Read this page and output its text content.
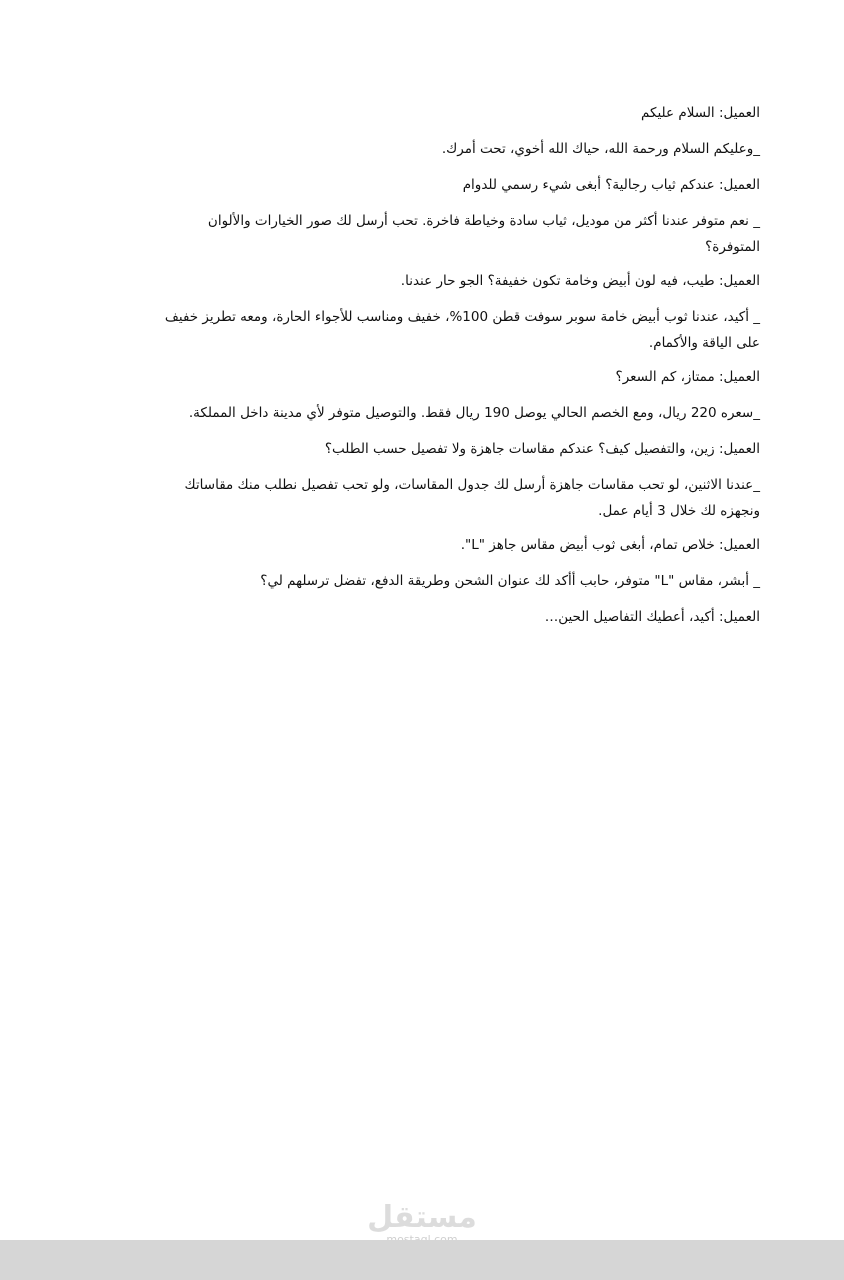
العميل: السلام عليكم

_وعليكم السلام ورحمة الله، حياك الله أخوي، تحت أمرك.

العميل: عندكم ثياب رجالية؟ أبغى شيء رسمي للدوام

_ نعم متوفر عندنا أكثر من موديل، ثياب سادة وخياطة فاخرة. تحب أرسل لك صور الخيارات والألوان المتوفرة؟

العميل: طيب، فيه لون أبيض وخامة تكون خفيفة؟ الجو حار عندنا.

_ أكيد، عندنا ثوب أبيض خامة سوبر سوفت قطن 100%، خفيف ومناسب للأجواء الحارة، ومعه تطريز خفيف على الياقة والأكمام.

العميل: ممتاز، كم السعر؟

_سعره 220 ريال، ومع الخصم الحالي يوصل 190 ريال فقط. والتوصيل متوفر لأي مدينة داخل المملكة.

العميل: زين، والتفصيل كيف؟ عندكم مقاسات جاهزة ولا تفصيل حسب الطلب؟

_عندنا الاثنين، لو تحب مقاسات جاهزة أرسل لك جدول المقاسات، ولو تحب تفصيل نطلب منك مقاساتك ونجهزه لك خلال 3 أيام عمل.

العميل: خلاص تمام، أبغى ثوب أبيض مقاس جاهز "L".

_ أبشر، مقاس "L" متوفر، حابب أأكد لك عنوان الشحن وطريقة الدفع، تفضل ترسلهم لي؟

العميل: أكيد، أعطيك التفاصيل الحين…

مستقل
